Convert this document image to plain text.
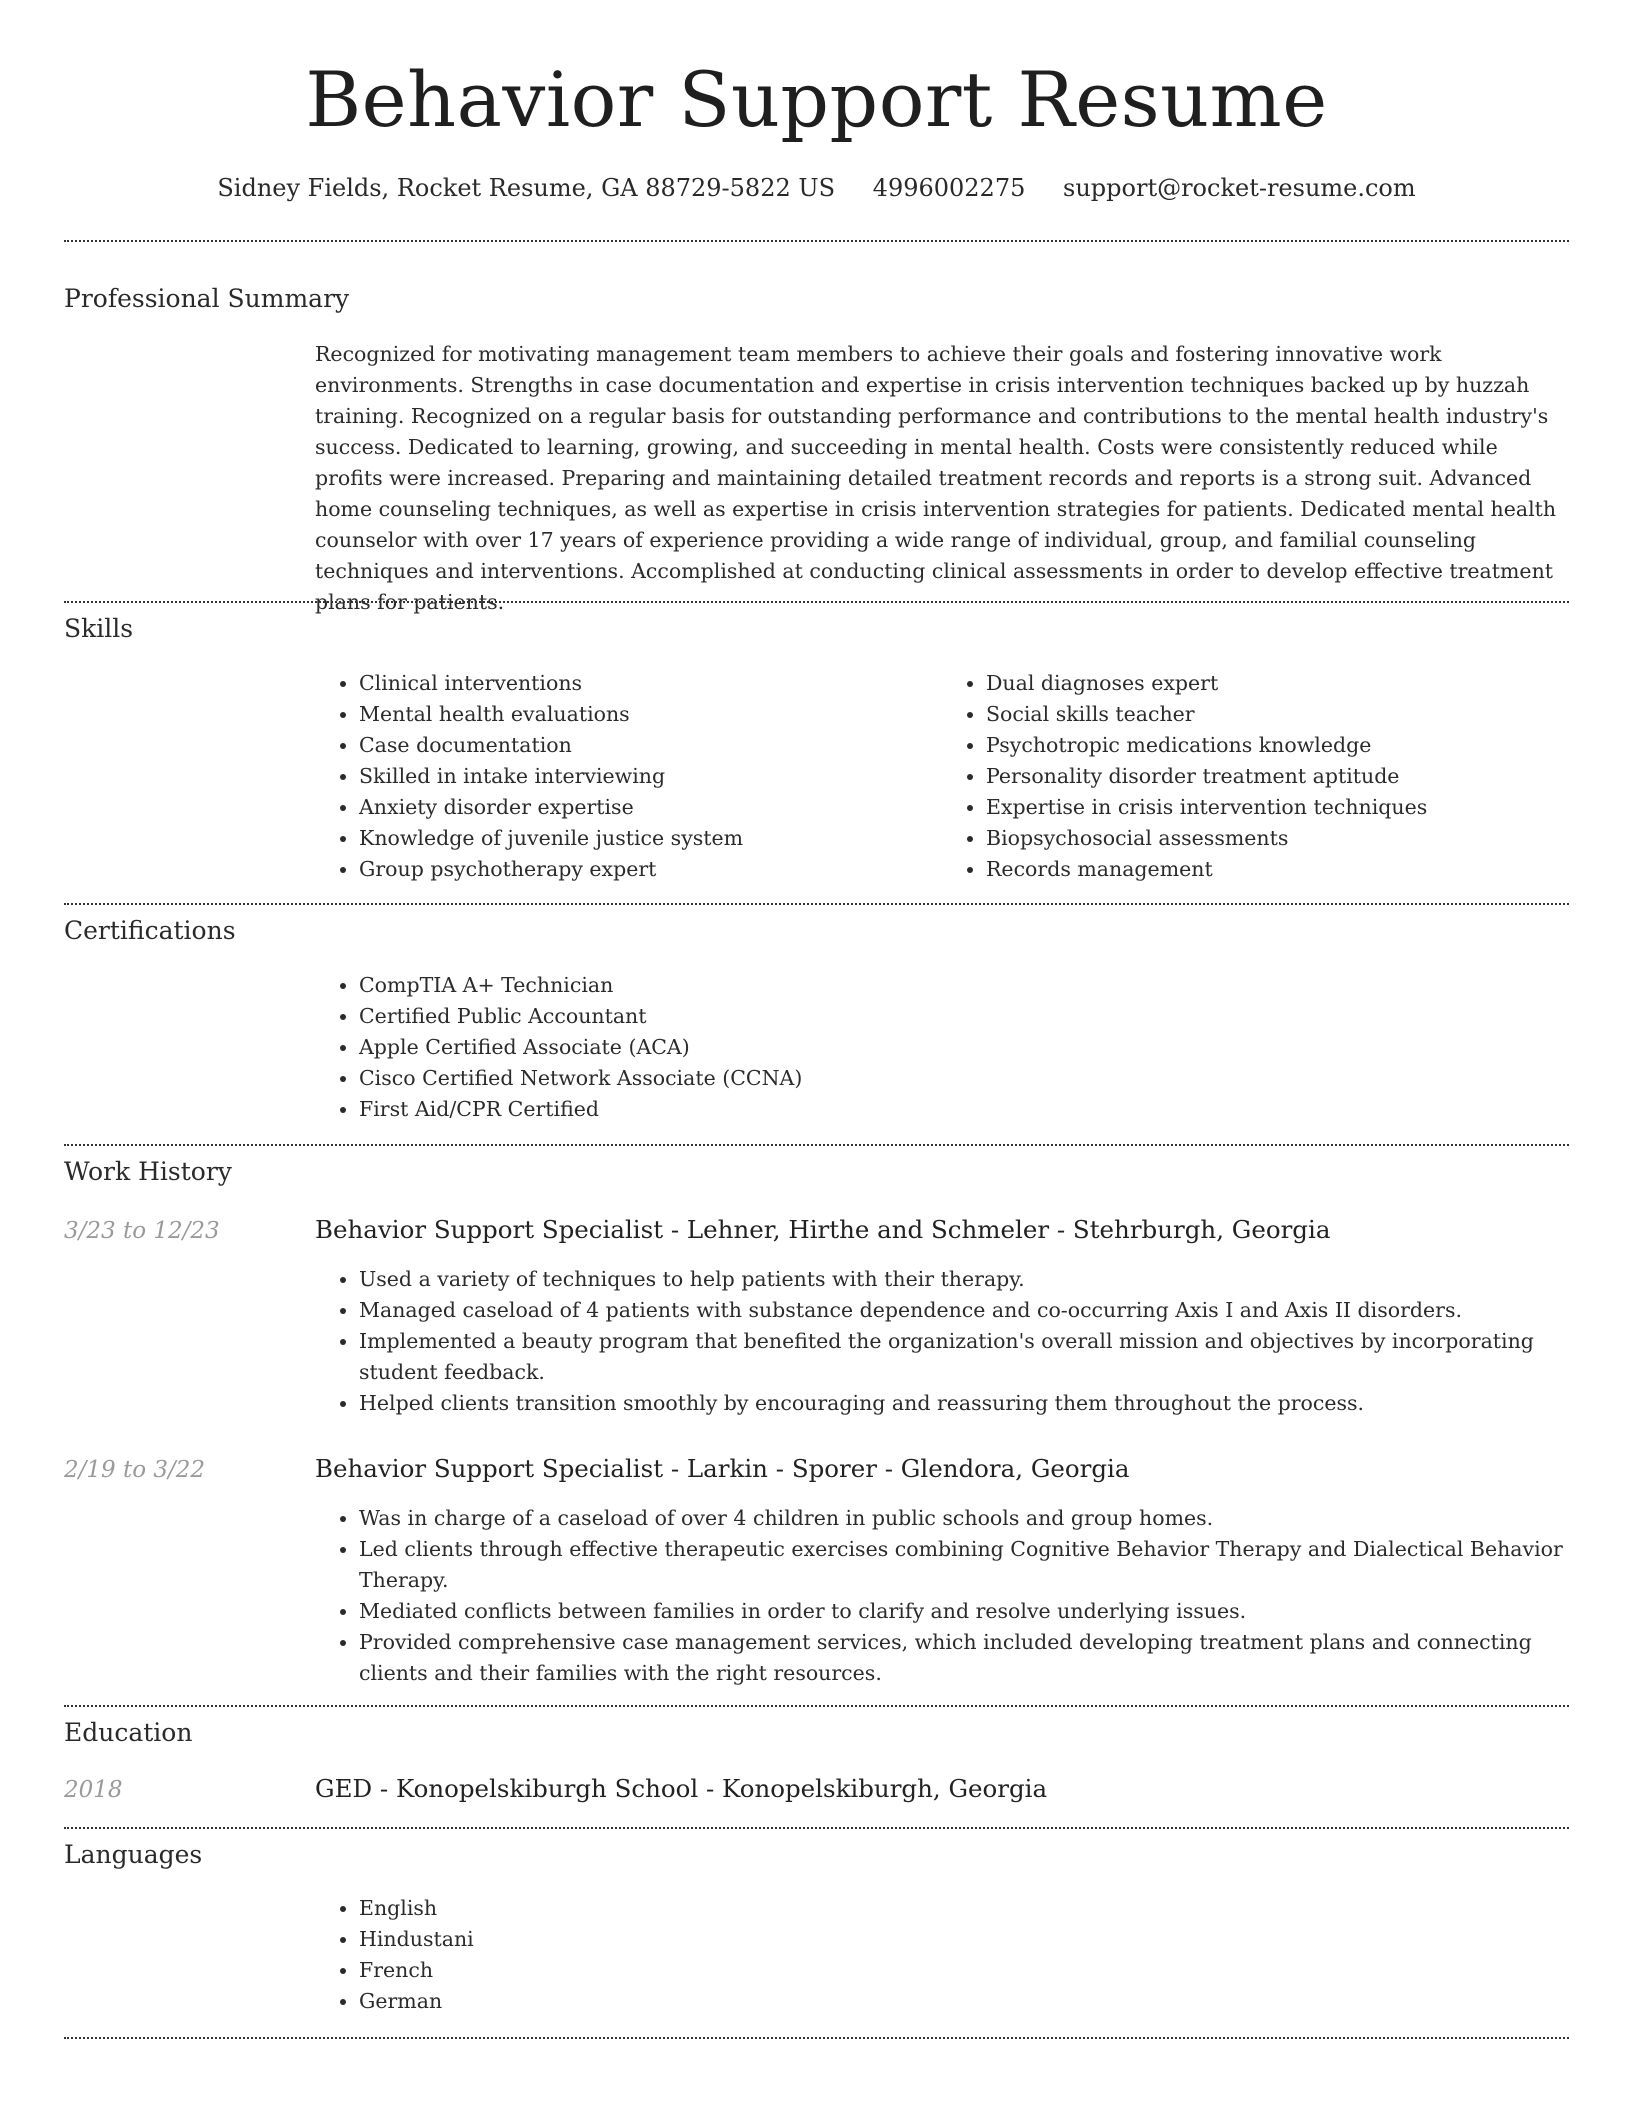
Behavior Support Resume
Sidney Fields, Rocket Resume, GA 88729-5822 US 4996002275 support@rocket-resume.com
Professional Summary

Recognized for motivating management team members to achieve their goals and fostering innovative work environments. Strengths in case documentation and expertise in crisis intervention techniques backed up by huzzah training. Recognized on a regular basis for outstanding performance and contributions to the mental health industry's success. Dedicated to learning, growing, and succeeding in mental health. Costs were consistently reduced while profits were increased. Preparing and maintaining detailed treatment records and reports is a strong suit. Advanced home counseling techniques, as well as expertise in crisis intervention strategies for patients. Dedicated mental health counselor with over 17 years of experience providing a wide range of individual, group, and familial counseling techniques and interventions. Accomplished at conducting clinical assessments in order to develop effective treatment plans for patients.

Skills
• Clinical interventions
• Mental health evaluations
• Case documentation
• Skilled in intake interviewing
• Anxiety disorder expertise
• Knowledge of juvenile justice system
• Group psychotherapy expert
• Dual diagnoses expert
• Social skills teacher
• Psychotropic medications knowledge
• Personality disorder treatment aptitude
• Expertise in crisis intervention techniques
• Biopsychosocial assessments
• Records management
Certifications
• CompTIA A+ Technician
• Certified Public Accountant
• Apple Certified Associate (ACA)
• Cisco Certified Network Associate (CCNA)
• First Aid/CPR Certified
Work History
3/23 to 12/23	Behavior Support Specialist - Lehner, Hirthe and Schmeler - Stehrburgh, Georgia
• Used a variety of techniques to help patients with their therapy.
• Managed caseload of 4 patients with substance dependence and co-occurring Axis I and Axis II disorders.
• Implemented a beauty program that benefited the organization's overall mission and objectives by incorporating student feedback.
• Helped clients transition smoothly by encouraging and reassuring them throughout the process.
2/19 to 3/22	Behavior Support Specialist - Larkin - Sporer - Glendora, Georgia
• Was in charge of a caseload of over 4 children in public schools and group homes.
• Led clients through effective therapeutic exercises combining Cognitive Behavior Therapy and Dialectical Behavior Therapy.
• Mediated conflicts between families in order to clarify and resolve underlying issues.
• Provided comprehensive case management services, which included developing treatment plans and connecting clients and their families with the right resources.
Education
2018	GED - Konopelskiburgh School - Konopelskiburgh, Georgia
Languages
• English
• Hindustani
• French
• German
